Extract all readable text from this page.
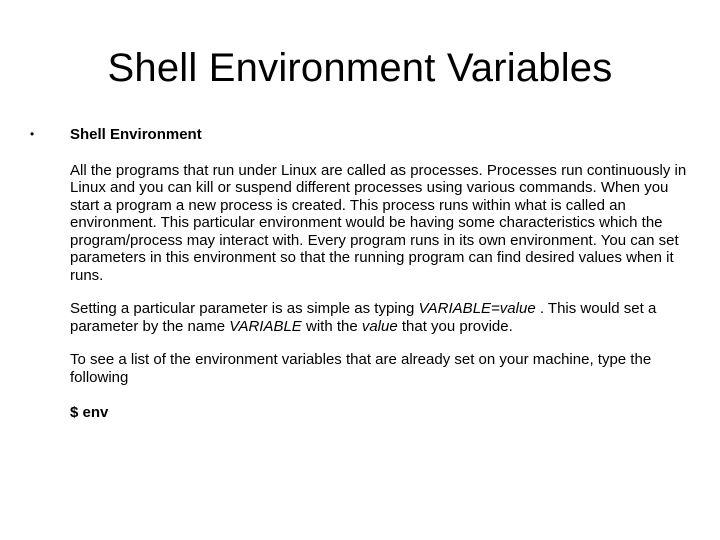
Shell Environment Variables
•	Shell Environment

All the programs that run under Linux are called as processes. Processes run continuously in Linux and you can kill or suspend different processes using various commands. When you start a program a new process is created. This process runs within what is called an environment. This particular environment would be having some characteristics which the program/process may interact with. Every program runs in its own environment. You can set parameters in this environment so that the running program can find desired values when it runs.

Setting a particular parameter is as simple as typing VARIABLE=value . This would set a parameter by the name VARIABLE with the value that you provide.

To see a list of the environment variables that are already set on your machine, type the following

$ env
